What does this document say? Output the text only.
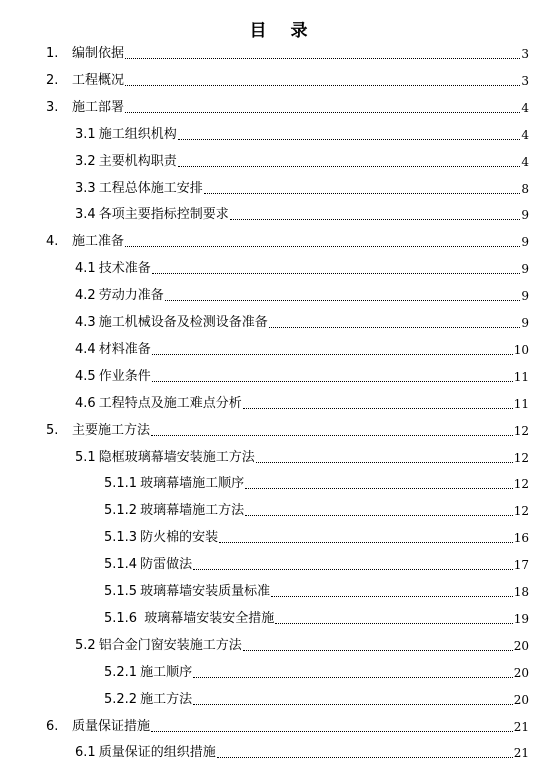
目 录
1.	编制依据	3
2.	工程概况	3
3.	施工部署	4
3.1 施工组织机构	4
3.2 主要机构职责	4
3.3 工程总体施工安排	8
3.4 各项主要指标控制要求	9
4.	施工准备	9
4.1 技术准备	9
4.2 劳动力准备	9
4.3 施工机械设备及检测设备准备	9
4.4 材料准备	10
4.5 作业条件	11
4.6 工程特点及施工难点分析	11
5.	主要施工方法	12
5.1 隐框玻璃幕墙安装施工方法	12
5.1.1 玻璃幕墙施工顺序	12
5.1.2 玻璃幕墙施工方法	12
5.1.3 防火棉的安装	16
5.1.4 防雷做法	17
5.1.5 玻璃幕墙安装质量标准	18
5.1.6 玻璃幕墙安装安全措施	19
5.2 铝合金门窗安装施工方法	20
5.2.1 施工顺序	20
5.2.2 施工方法	20
6.	质量保证措施	21
6.1 质量保证的组织措施	21
